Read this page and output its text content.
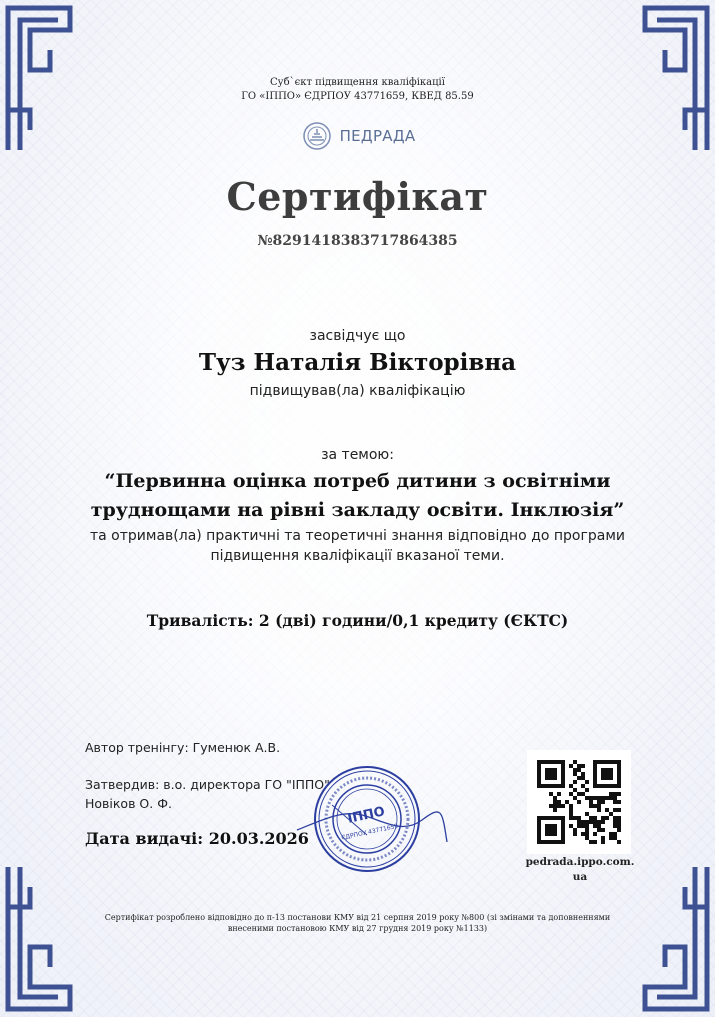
Суб`єкт підвищення кваліфікації
ГО «ІППО» ЄДРПОУ 43771659, КВЕД 85.59
ПЕДРАДА
Сертифікат
№8291418383717864385
засвідчує що
Туз Наталія Вікторівна
підвищував(ла) кваліфікацію
за темою:
“Первинна оцінка потреб дитини з освітніми труднощами на рівні закладу освіти. Інклюзія”
та отримав(ла) практичні та теоретичні знання відповідно до програми підвищення кваліфікації вказаної теми.
Тривалість: 2 (дві) години/0,1 кредиту (ЄКТС)
Автор тренінгу: Гуменюк А.В.
Затвердив: в.о. директора ГО "ІППО"
Новіков О. Ф.
ІППО
ЄДРПОУ 43771659
Дата видачі: 20.03.2026
pedrada.ippo.com.
ua
Сертифікат розроблено відповідно до п-13 постанови КМУ від 21 серпня 2019 року №800 (зі змінами та доповненнями внесеними постановою КМУ від 27 грудня 2019 року №1133)
